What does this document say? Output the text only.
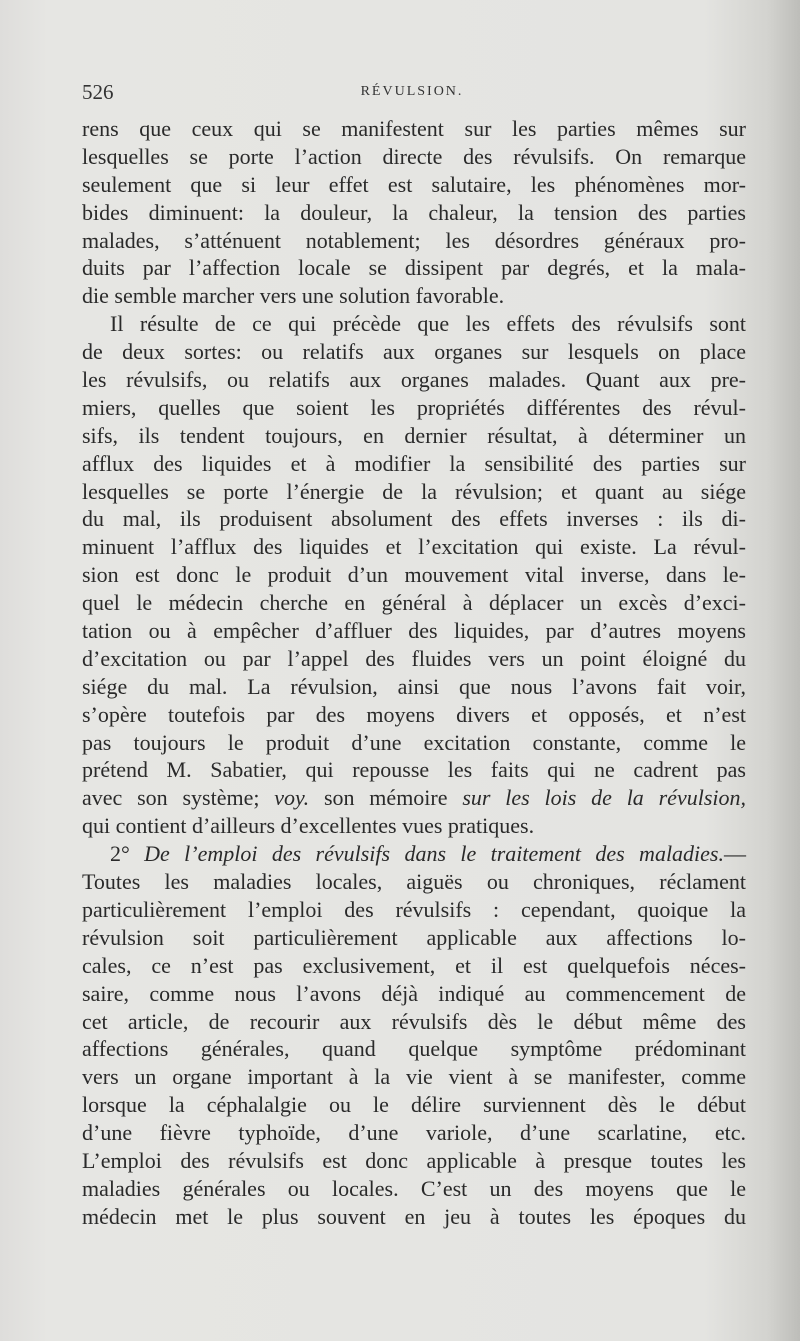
526	RÉVULSION.
rens que ceux qui se manifestent sur les parties mêmes sur
lesquelles se porte l’action directe des révulsifs. On remarque
seulement que si leur effet est salutaire, les phénomènes mor-
bides diminuent: la douleur, la chaleur, la tension des parties
malades, s’atténuent notablement; les désordres généraux pro-
duits par l’affection locale se dissipent par degrés, et la mala-
die semble marcher vers une solution favorable.
Il résulte de ce qui précède que les effets des révulsifs sont
de deux sortes: ou relatifs aux organes sur lesquels on place
les révulsifs, ou relatifs aux organes malades. Quant aux pre-
miers, quelles que soient les propriétés différentes des révul-
sifs, ils tendent toujours, en dernier résultat, à déterminer un
afflux des liquides et à modifier la sensibilité des parties sur
lesquelles se porte l’énergie de la révulsion; et quant au siége
du mal, ils produisent absolument des effets inverses : ils di-
minuent l’afflux des liquides et l’excitation qui existe. La révul-
sion est donc le produit d’un mouvement vital inverse, dans le-
quel le médecin cherche en général à déplacer un excès d’exci-
tation ou à empêcher d’affluer des liquides, par d’autres moyens
d’excitation ou par l’appel des fluides vers un point éloigné du
siége du mal. La révulsion, ainsi que nous l’avons fait voir,
s’opère toutefois par des moyens divers et opposés, et n’est
pas toujours le produit d’une excitation constante, comme le
prétend M. Sabatier, qui repousse les faits qui ne cadrent pas
avec son système; voy. son mémoire sur les lois de la révulsion,
qui contient d’ailleurs d’excellentes vues pratiques.
2° De l’emploi des révulsifs dans le traitement des maladies.—
Toutes les maladies locales, aiguës ou chroniques, réclament
particulièrement l’emploi des révulsifs : cependant, quoique la
révulsion soit particulièrement applicable aux affections lo-
cales, ce n’est pas exclusivement, et il est quelquefois néces-
saire, comme nous l’avons déjà indiqué au commencement de
cet article, de recourir aux révulsifs dès le début même des
affections générales, quand quelque symptôme prédominant
vers un organe important à la vie vient à se manifester, comme
lorsque la céphalalgie ou le délire surviennent dès le début
d’une fièvre typhoïde, d’une variole, d’une scarlatine, etc.
L’emploi des révulsifs est donc applicable à presque toutes les
maladies générales ou locales. C’est un des moyens que le
médecin met le plus souvent en jeu à toutes les époques du
